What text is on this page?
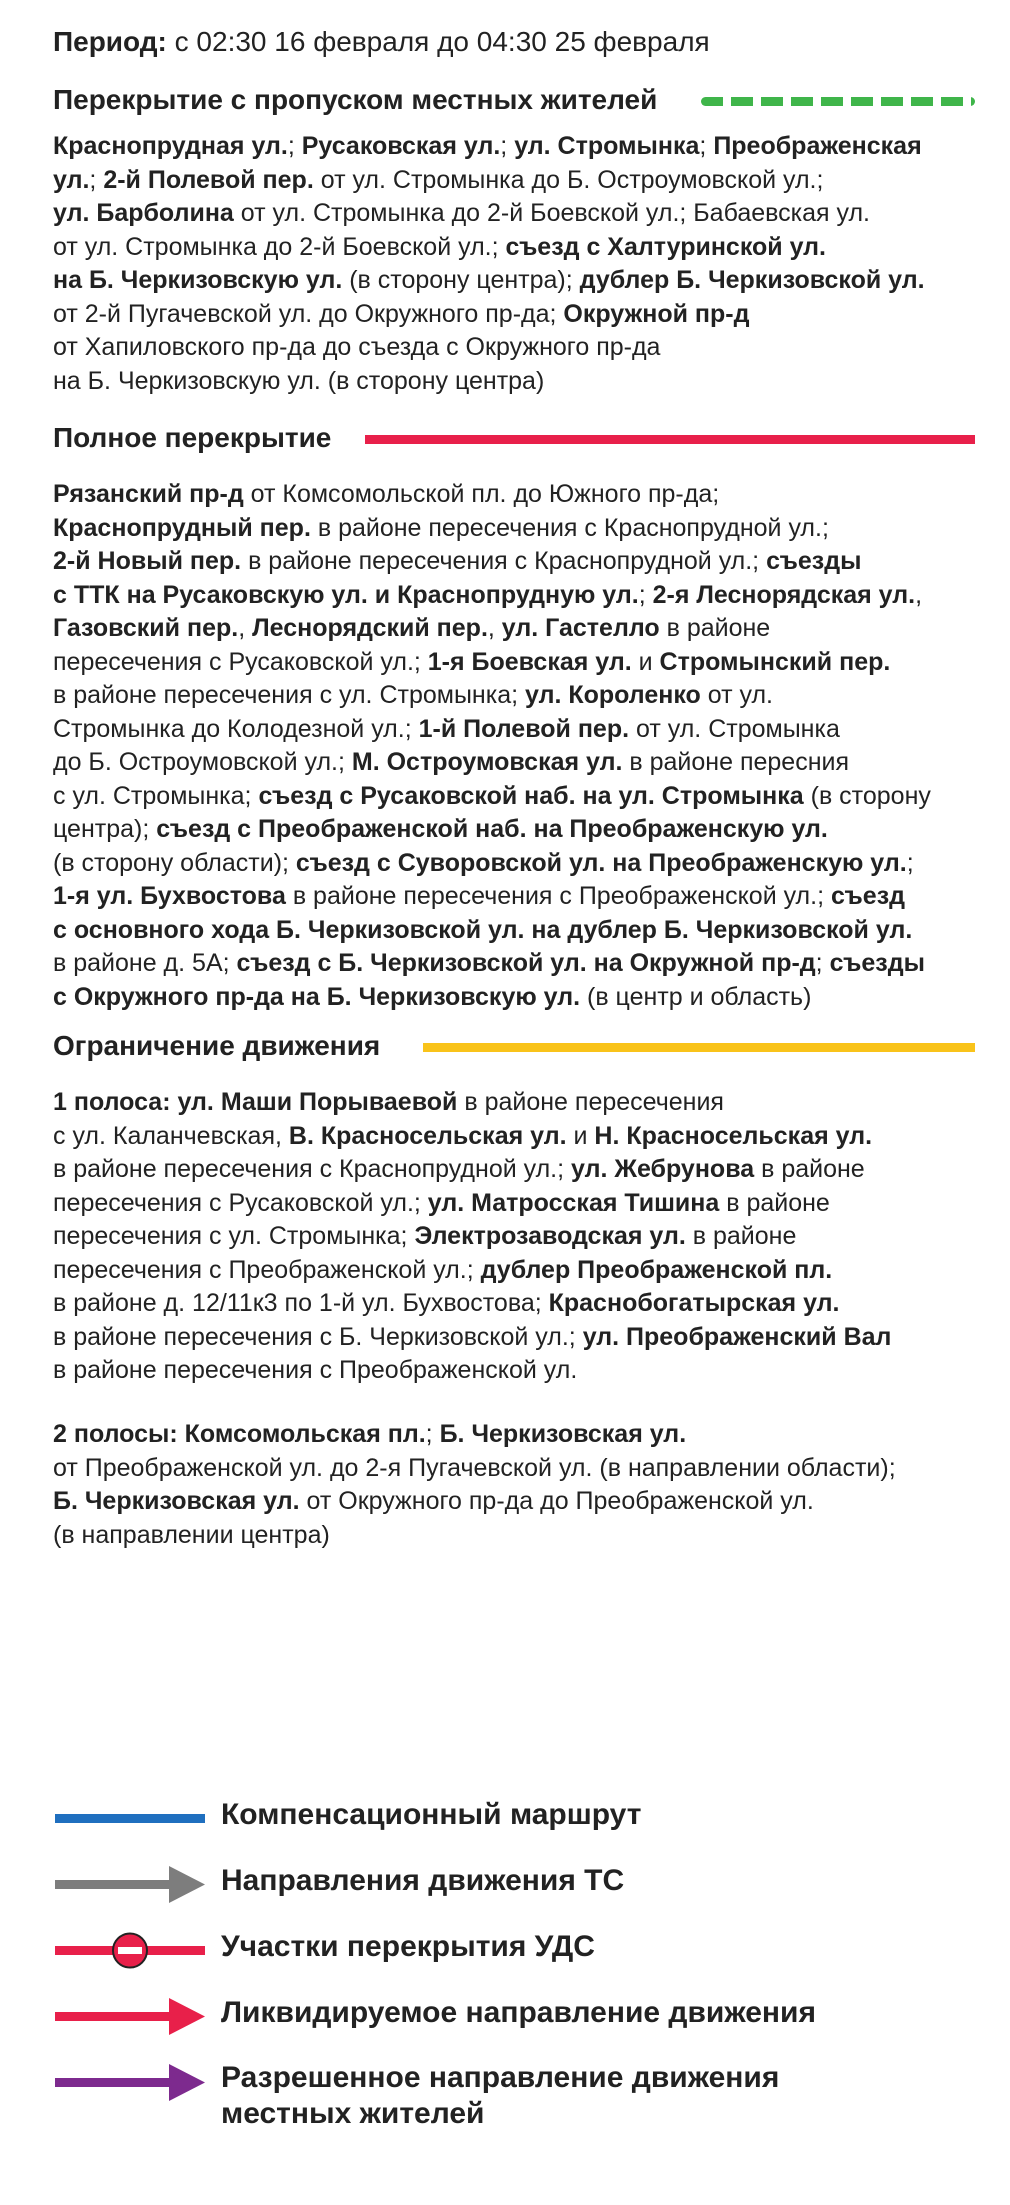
Период: с 02:30 16 февраля до 04:30 25 февраля
Перекрытие с пропуском местных жителей
Краснопрудная ул.; Русаковская ул.; ул. Стромынка; Преображенская
ул.; 2-й Полевой пер. от ул. Стромынка до Б. Остроумовской ул.;
ул. Барболина от ул. Стромынка до 2-й Боевской ул.; Бабаевская ул.
от ул. Стромынка до 2-й Боевской ул.; съезд с Халтуринской ул.
на Б. Черкизовскую ул. (в сторону центра); дублер Б. Черкизовской ул.
от 2-й Пугачевской ул. до Окружного пр-да; Окружной пр-д
от Хапиловского пр-да до съезда с Окружного пр-да
на Б. Черкизовскую ул. (в сторону центра)
Полное перекрытие
Рязанский пр-д от Комсомольской пл. до Южного пр-да;
Краснопрудный пер. в районе пересечения с Краснопрудной ул.;
2-й Новый пер. в районе пересечения с Краснопрудной ул.; съезды
с ТТК на Русаковскую ул. и Краснопрудную ул.; 2-я Леснорядская ул.,
Газовский пер., Леснорядский пер., ул. Гастелло в районе
пересечения с Русаковской ул.; 1-я Боевская ул. и Стромынский пер.
в районе пересечения с ул. Стромынка; ул. Короленко от ул.
Стромынка до Колодезной ул.; 1-й Полевой пер. от ул. Стромынка
до Б. Остроумовской ул.; М. Остроумовская ул. в районе пересния
с ул. Стромынка; съезд с Русаковской наб. на ул. Стромынка (в сторону
центра); съезд с Преображенской наб. на Преображенскую ул.
(в сторону области); съезд с Суворовской ул. на Преображенскую ул.;
1-я ул. Бухвостова в районе пересечения с Преображенской ул.; съезд
с основного хода Б. Черкизовской ул. на дублер Б. Черкизовской ул.
в районе д. 5А; съезд с Б. Черкизовской ул. на Окружной пр-д; съезды
с Окружного пр-да на Б. Черкизовскую ул. (в центр и область)
Ограничение движения
1 полоса: ул. Маши Порываевой в районе пересечения
с ул. Каланчевская, В. Красносельская ул. и Н. Красносельская ул.
в районе пересечения с Краснопрудной ул.; ул. Жебрунова в районе
пересечения с Русаковской ул.; ул. Матросская Тишина в районе
пересечения с ул. Стромынка; Электрозаводская ул. в районе
пересечения с Преображенской ул.; дублер Преображенской пл.
в районе д. 12/11к3 по 1-й ул. Бухвостова; Краснобогатырская ул.
в районе пересечения с Б. Черкизовской ул.; ул. Преображенский Вал
в районе пересечения с Преображенской ул.
2 полосы: Комсомольская пл.; Б. Черкизовская ул.
от Преображенской ул. до 2-я Пугачевской ул. (в направлении области);
Б. Черкизовская ул. от Окружного пр-да до Преображенской ул.
(в направлении центра)
Компенсационный маршрут
Направления движения ТС
Участки перекрытия УДС
Ликвидируемое направление движения
Разрешенное направление движения
местных жителей
